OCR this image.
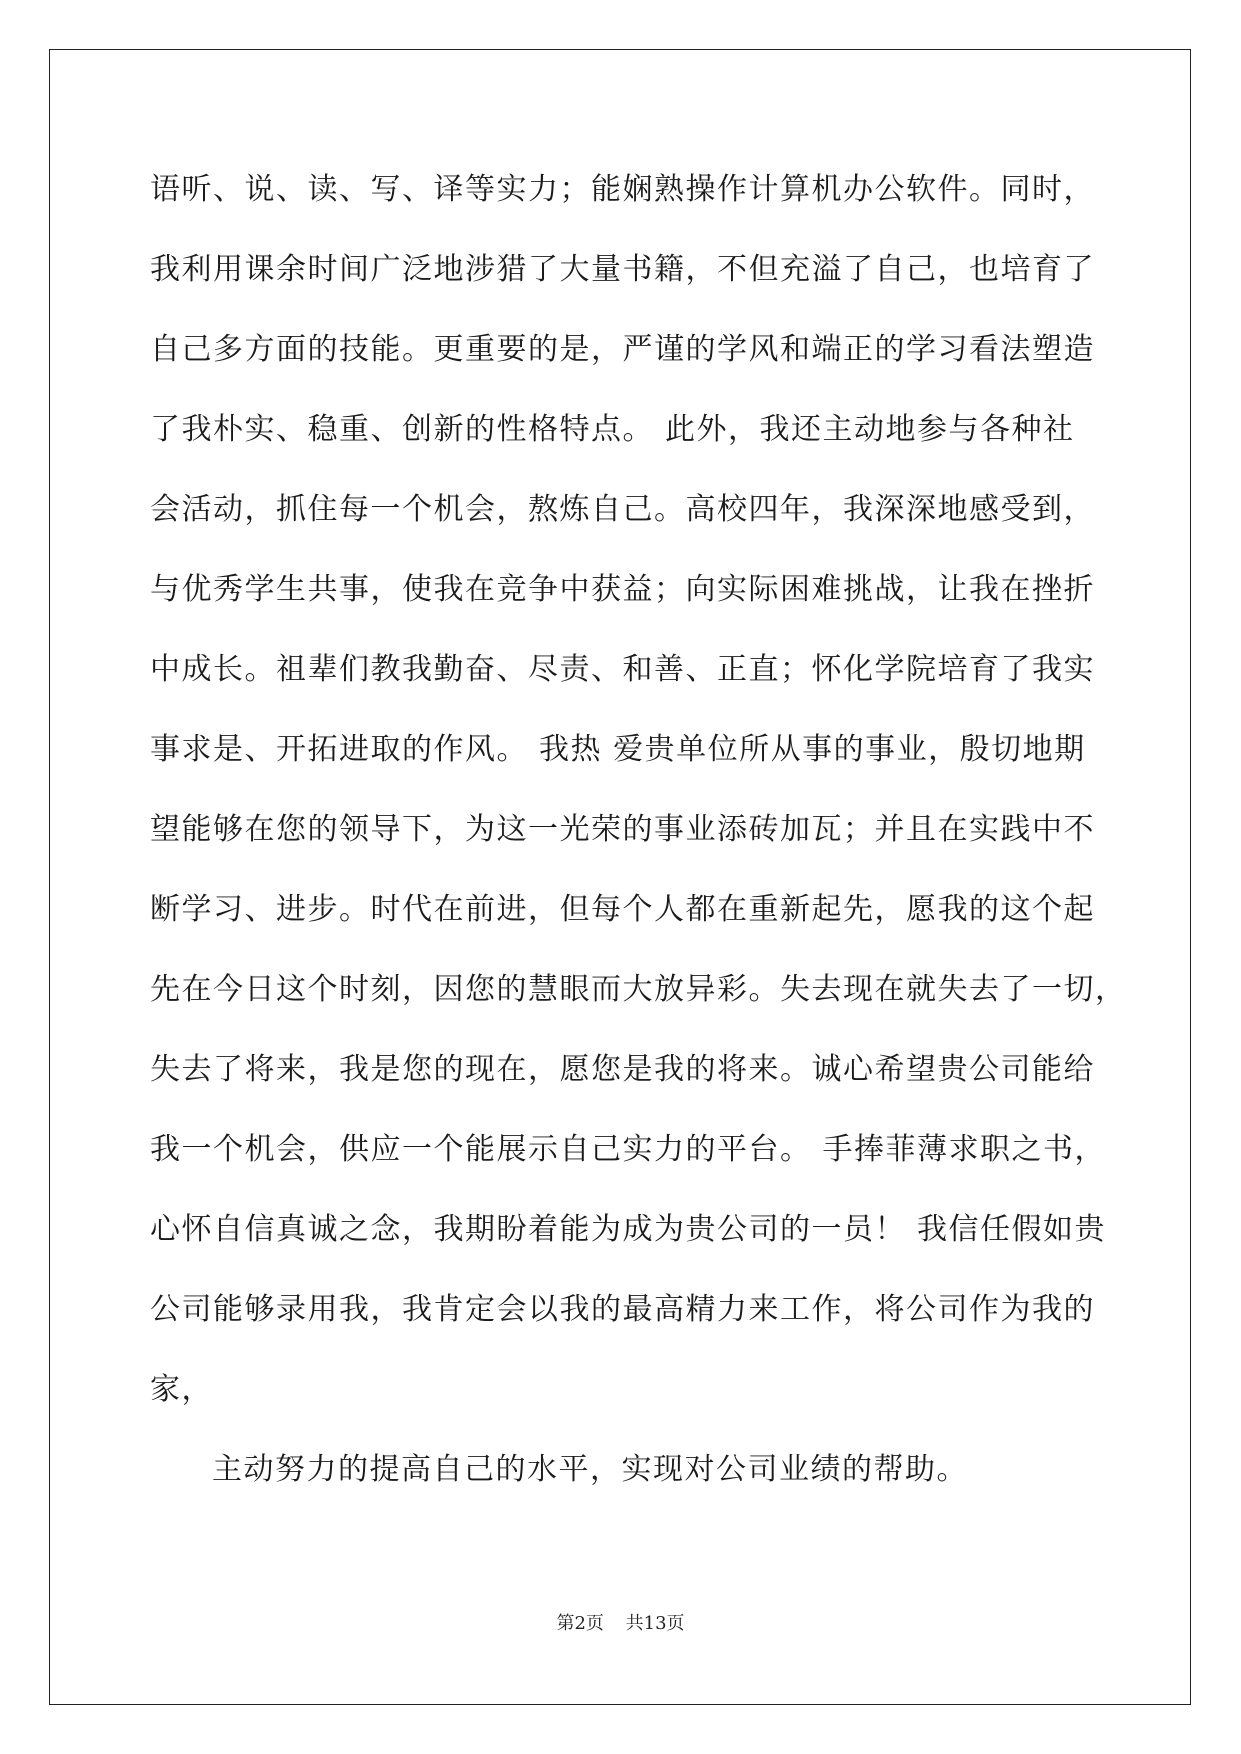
语听、说、读、写、译等实力；能娴熟操作计算机办公软件。同时，
我利用课余时间广泛地涉猎了大量书籍，不但充溢了自己，也培育了
自己多方面的技能。更重要的是，严谨的学风和端正的学习看法塑造
了我朴实、稳重、创新的性格特点。 此外，我还主动地参与各种社
会活动，抓住每一个机会，熬炼自己。高校四年，我深深地感受到，
与优秀学生共事，使我在竞争中获益；向实际困难挑战，让我在挫折
中成长。祖辈们教我勤奋、尽责、和善、正直；怀化学院培育了我实
事求是、开拓进取的作风。 我热 爱贵单位所从事的事业，殷切地期
望能够在您的领导下，为这一光荣的事业添砖加瓦；并且在实践中不
断学习、进步。时代在前进，但每个人都在重新起先，愿我的这个起
先在今日这个时刻，因您的慧眼而大放异彩。失去现在就失去了一切，
失去了将来，我是您的现在，愿您是我的将来。诚心希望贵公司能给
我一个机会，供应一个能展示自己实力的平台。 手捧菲薄求职之书，
心怀自信真诚之念，我期盼着能为成为贵公司的一员！ 我信任假如贵
公司能够录用我，我肯定会以我的最高精力来工作，将公司作为我的
家，
主动努力的提高自己的水平，实现对公司业绩的帮助。
第2页 共13页
